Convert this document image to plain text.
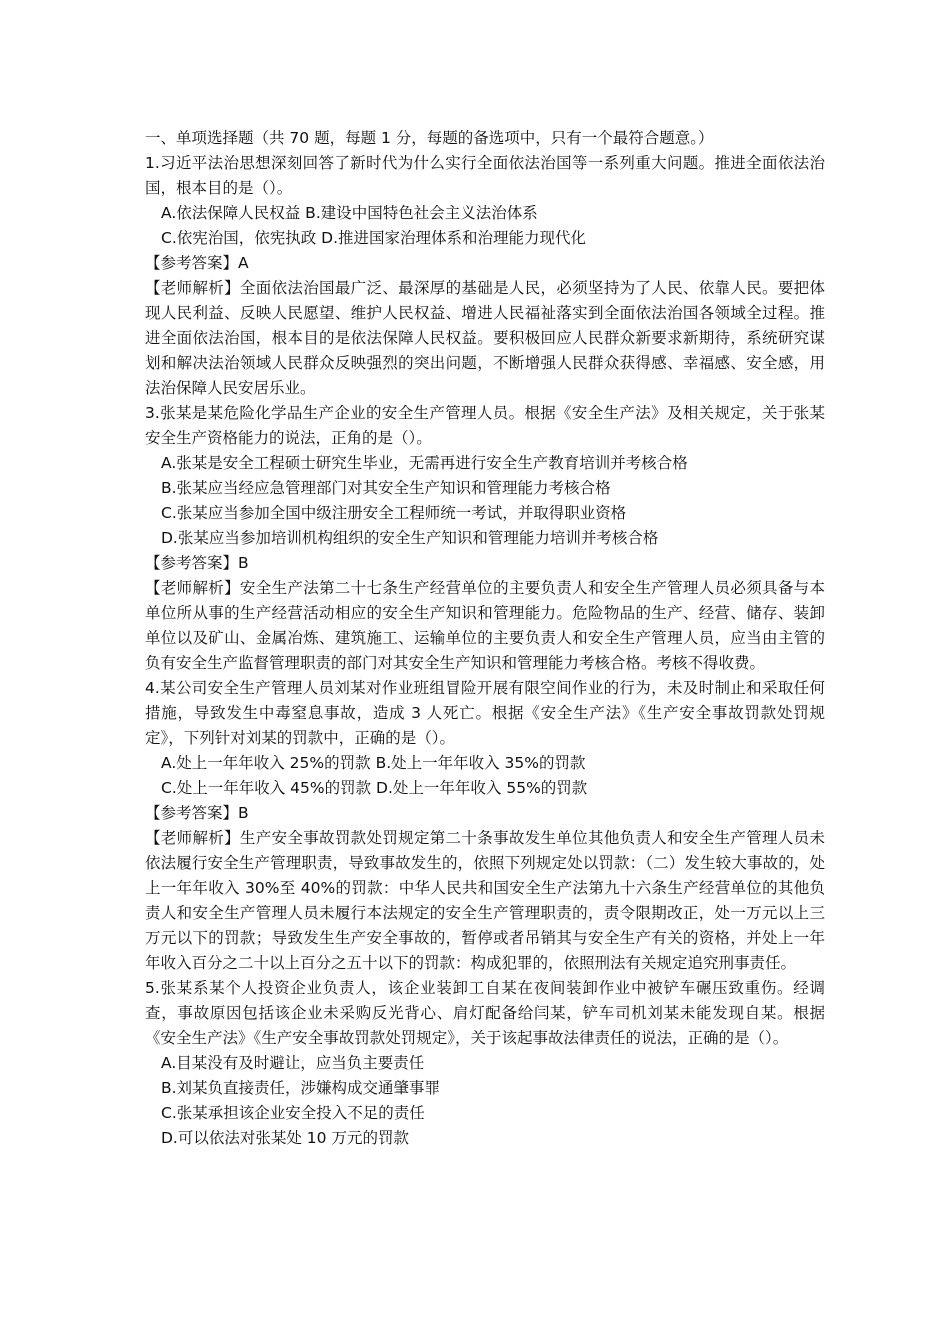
一、单项选择题（共 70 题，每题 1 分，每题的备选项中，只有一个最符合题意。）
1.习近平法治思想深刻回答了新时代为什么实行全面依法治国等一系列重大问题。推进全面依法治国，根本目的是（）。
A.依法保障人民权益 B.建设中国特色社会主义法治体系
C.依宪治国，依宪执政 D.推进国家治理体系和治理能力现代化
【参考答案】A
【老师解析】全面依法治国最广泛、最深厚的基础是人民，必须坚持为了人民、依靠人民。要把体现人民利益、反映人民愿望、维护人民权益、增进人民福祉落实到全面依法治国各领域全过程。推进全面依法治国，根本目的是依法保障人民权益。要积极回应人民群众新要求新期待，系统研究谋划和解决法治领域人民群众反映强烈的突出问题，不断增强人民群众获得感、幸福感、安全感，用法治保障人民安居乐业。
3.张某是某危险化学品生产企业的安全生产管理人员。根据《安全生产法》及相关规定，关于张某安全生产资格能力的说法，正角的是（）。
A.张某是安全工程硕士研究生毕业，无需再进行安全生产教育培训并考核合格
B.张某应当经应急管理部门对其安全生产知识和管理能力考核合格
C.张某应当参加全国中级注册安全工程师统一考试，并取得职业资格
D.张某应当参加培训机构组织的安全生产知识和管理能力培训并考核合格
【参考答案】B
【老师解析】安全生产法第二十七条生产经营单位的主要负责人和安全生产管理人员必须具备与本单位所从事的生产经营活动相应的安全生产知识和管理能力。危险物品的生产、经营、储存、装卸单位以及矿山、金属冶炼、建筑施工、运输单位的主要负责人和安全生产管理人员，应当由主管的负有安全生产监督管理职责的部门对其安全生产知识和管理能力考核合格。考核不得收费。
4.某公司安全生产管理人员刘某对作业班组冒险开展有限空间作业的行为，未及时制止和采取任何措施，导致发生中毒窒息事故，造成 3 人死亡。根据《安全生产法》《生产安全事故罚款处罚规定》，下列针对刘某的罚款中，正确的是（）。
A.处上一年年收入 25%的罚款 B.处上一年年收入 35%的罚款
C.处上一年年收入 45%的罚款 D.处上一年年收入 55%的罚款
【参考答案】B
【老师解析】生产安全事故罚款处罚规定第二十条事故发生单位其他负责人和安全生产管理人员未依法履行安全生产管理职责，导致事故发生的，依照下列规定处以罚款：（二）发生较大事故的，处上一年年收入 30%至 40%的罚款：中华人民共和国安全生产法第九十六条生产经营单位的其他负责人和安全生产管理人员未履行本法规定的安全生产管理职责的，责令限期改正，处一万元以上三万元以下的罚款；导致发生生产安全事故的，暂停或者吊销其与安全生产有关的资格，并处上一年年收入百分之二十以上百分之五十以下的罚款：构成犯罪的，依照刑法有关规定追究刑事责任。
5.张某系某个人投资企业负责人，该企业装卸工自某在夜间装卸作业中被铲车碾压致重伤。经调查，事故原因包括该企业未采购反光背心、肩灯配备给闫某，铲车司机刘某未能发现自某。根据《安全生产法》《生产安全事故罚款处罚规定》，关于该起事故法律责任的说法，正确的是（）。
A.目某没有及时避让，应当负主要责任
B.刘某负直接责任，涉嫌构成交通肇事罪
C.张某承担该企业安全投入不足的责任
D.可以依法对张某处 10 万元的罚款
